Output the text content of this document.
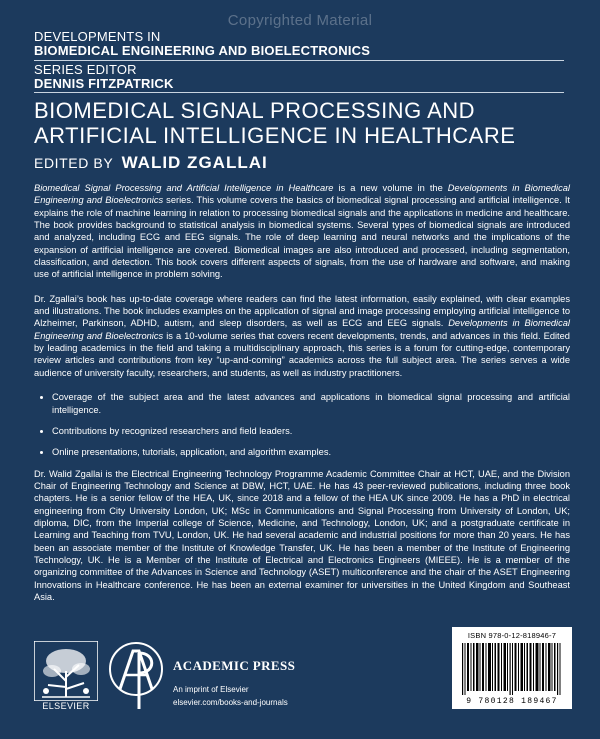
Copyrighted Material
DEVELOPMENTS IN
BIOMEDICAL ENGINEERING AND BIOELECTRONICS
SERIES EDITOR
DENNIS FITZPATRICK
BIOMEDICAL SIGNAL PROCESSING AND
ARTIFICIAL INTELLIGENCE IN HEALTHCARE
EDITED BY WALID ZGALLAI

Biomedical Signal Processing and Artificial Intelligence in Healthcare is a new volume in the Developments in Biomedical Engineering and Bioelectronics series. This volume covers the basics of biomedical signal processing and artificial intelligence. It explains the role of machine learning in relation to processing biomedical signals and the applications in medicine and healthcare. The book provides background to statistical analysis in biomedical systems. Several types of biomedical signals are introduced and analyzed, including ECG and EEG signals. The role of deep learning and neural networks and the implications of the expansion of artificial intelligence are covered. Biomedical images are also introduced and processed, including segmentation, classification, and detection. This book covers different aspects of signals, from the use of hardware and software, and making use of artificial intelligence in problem solving.

Dr. Zgallai’s book has up-to-date coverage where readers can find the latest information, easily explained, with clear examples and illustrations. The book includes examples on the application of signal and image processing employing artificial intelligence to Alzheimer, Parkinson, ADHD, autism, and sleep disorders, as well as ECG and EEG signals. Developments in Biomedical Engineering and Bioelectronics is a 10-volume series that covers recent developments, trends, and advances in this field. Edited by leading academics in the field and taking a multidisciplinary approach, this series is a forum for cutting-edge, contemporary review articles and contributions from key “up-and-coming” academics across the full subject area. The series serves a wide audience of university faculty, researchers, and students, as well as industry practitioners.

• Coverage of the subject area and the latest advances and applications in biomedical signal processing and artificial intelligence.
• Contributions by recognized researchers and field leaders.
• Online presentations, tutorials, application, and algorithm examples.

Dr. Walid Zgallai is the Electrical Engineering Technology Programme Academic Committee Chair at HCT, UAE, and the Division Chair of Engineering Technology and Science at DBW, HCT, UAE. He has 43 peer-reviewed publications, including three book chapters. He is a senior fellow of the HEA, UK, since 2018 and a fellow of the HEA UK since 2009. He has a PhD in electrical engineering from City University London, UK; MSc in Communications and Signal Processing from University of London, UK; diploma, DIC, from the Imperial college of Science, Medicine, and Technology, London, UK; and a postgraduate certificate in Learning and Teaching from TVU, London, UK. He had several academic and industrial positions for more than 20 years. He has been an associate member of the Institute of Knowledge Transfer, UK. He has been a member of the Institute of Engineering Technology, UK. He is a Member of the Institute of Electrical and Electronics Engineers (MIEEE). He is a member of the organizing committee of the Advances in Science and Technology (ASET) multiconference and the chair of the ASET Engineering Innovations in Healthcare conference. He has been an external examiner for universities in the United Kingdom and Southeast Asia.

ELSEVIER
ACADEMIC PRESS
An imprint of Elsevier
elsevier.com/books-and-journals
ISBN 978-0-12-818946-7
9 780128 189467
